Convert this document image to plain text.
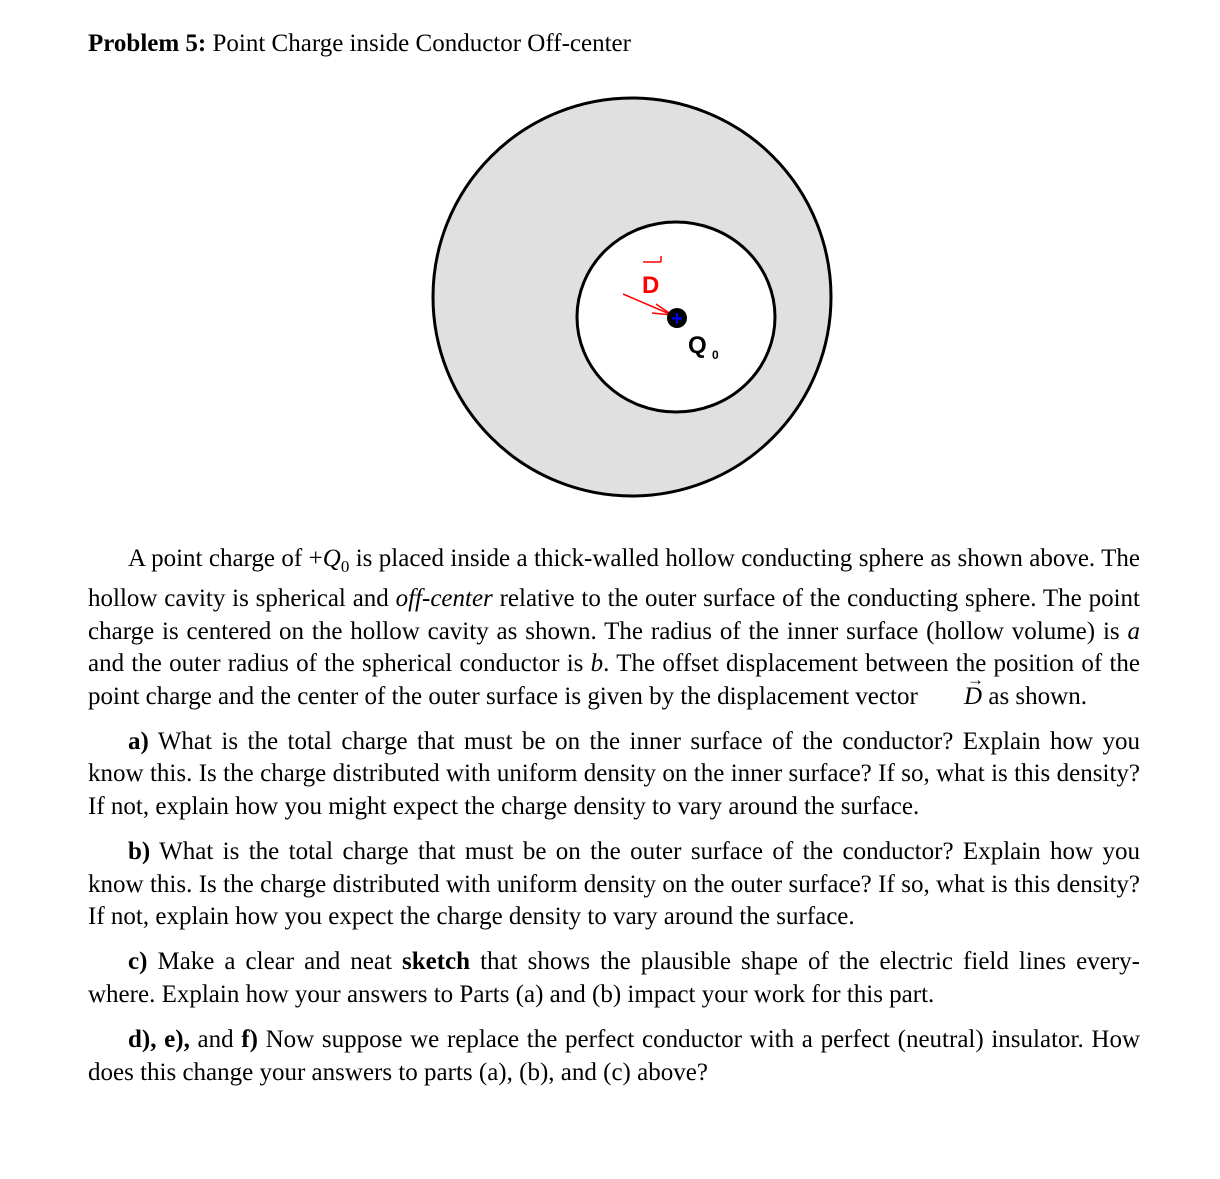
D
+
Q 0
Problem 5: Point Charge inside Conductor Off-center

A point charge of $+Q_0$ is placed inside a thick-walled hollow conducting sphere as shown above. The hollow cavity is spherical and off-center relative to the outer surface of the conducting sphere. The point charge is centered on the hollow cavity as shown. The radius of the inner surface (hollow volume) is a and the outer radius of the spherical conductor is b. The offset displacement between the position of the point charge and the center of the outer surface is given by the displacement vector → D as shown.

a) What is the total charge that must be on the inner surface of the conductor? Explain how you know this. Is the charge distributed with uniform density on the inner surface? If so, what is this density? If not, explain how you might expect the charge density to vary around the surface.

b) What is the total charge that must be on the outer surface of the conductor? Explain how you know this. Is the charge distributed with uniform density on the outer surface? If so, what is this density? If not, explain how you expect the charge density to vary around the surface.

c) Make a clear and neat sketch that shows the plausible shape of the electric field lines every-where. Explain how your answers to Parts (a) and (b) impact your work for this part.

d), e), and f) Now suppose we replace the perfect conductor with a perfect (neutral) insulator. How does this change your answers to parts (a), (b), and (c) above?
